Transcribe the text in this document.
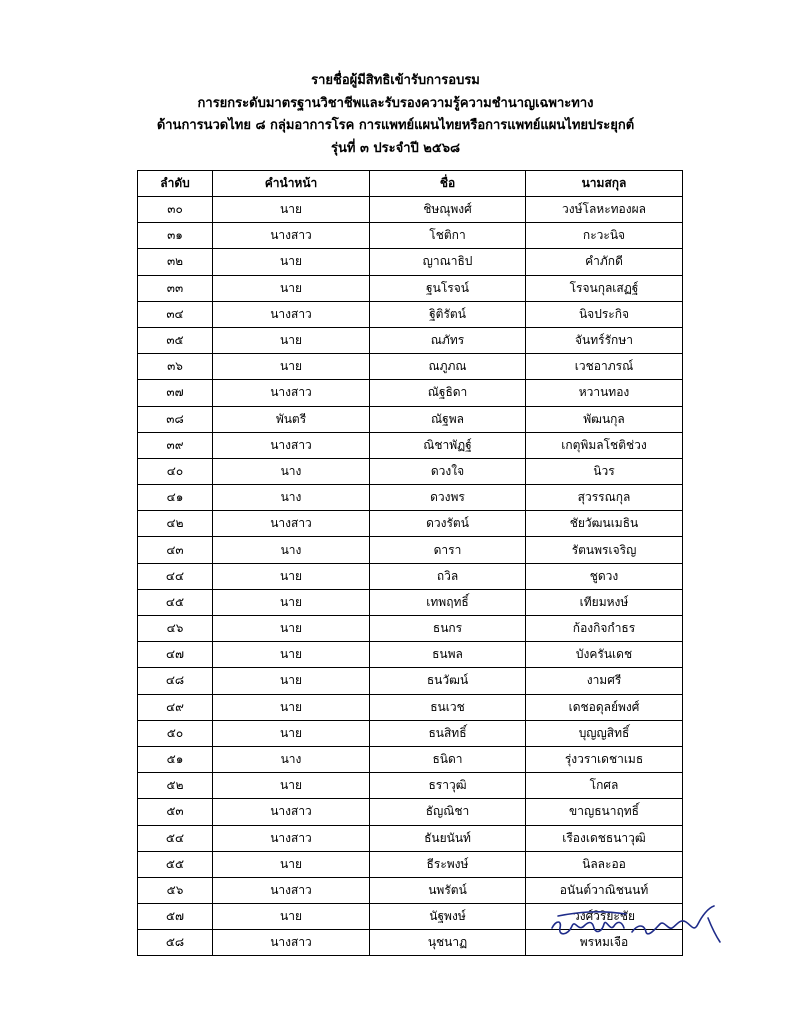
รายชื่อผู้มีสิทธิเข้ารับการอบรม
การยกระดับมาตรฐานวิชาชีพและรับรองความรู้ความชำนาญเฉพาะทาง
ด้านการนวดไทย ๘ กลุ่มอาการโรค การแพทย์แผนไทยหรือการแพทย์แผนไทยประยุกต์
รุ่นที่ ๓ ประจำปี ๒๕๖๘
ลำดับ	คำนำหน้า	ชื่อ	นามสกุล
๓๐	นาย	ชิษณุพงศ์	วงษ์โลหะทองผล
๓๑	นางสาว	โชติกา	กะวะนิจ
๓๒	นาย	ญาณาธิป	คำภักดี
๓๓	นาย	ฐนโรจน์	โรจนกุลเสฏฐ์
๓๔	นางสาว	ฐิติรัตน์	นิจประกิจ
๓๕	นาย	ณภัทร	จันทร์รักษา
๓๖	นาย	ณภูภณ	เวชอาภรณ์
๓๗	นางสาว	ณัฐธิดา	หวานทอง
๓๘	พันตรี	ณัฐพล	พัฒนกุล
๓๙	นางสาว	ณิชาพัฏฐ์	เกตุพิมลโชติช่วง
๔๐	นาง	ดวงใจ	นิวร
๔๑	นาง	ดวงพร	สุวรรณกุล
๔๒	นางสาว	ดวงรัตน์	ชัยวัฒนเมธิน
๔๓	นาง	ดารา	รัตนพรเจริญ
๔๔	นาย	ถวิล	ชูดวง
๔๕	นาย	เทพฤทธิ์	เทียมหงษ์
๔๖	นาย	ธนกร	ก้องกิจกำธร
๔๗	นาย	ธนพล	บังครันเดช
๔๘	นาย	ธนวัฒน์	งามศรี
๔๙	นาย	ธนเวช	เดชอดุลย์พงศ์
๕๐	นาย	ธนสิทธิ์	บุญญสิทธิ์
๕๑	นาง	ธนิดา	รุ่งวราเดชาเมธ
๕๒	นาย	ธราวุฒิ	โกศล
๕๓	นางสาว	ธัญณิชา	ขาญธนาฤทธิ์
๕๔	นางสาว	ธันยนันท์	เรืองเดชธนาวุฒิ
๕๕	นาย	ธีระพงษ์	นิลละออ
๕๖	นางสาว	นพรัตน์	อนันต์วาณิชนนท์
๕๗	นาย	นัฐพงษ์	วงศ์วิริยะชัย
๕๘	นางสาว	นุชนาฏ	พรหมเจือ
